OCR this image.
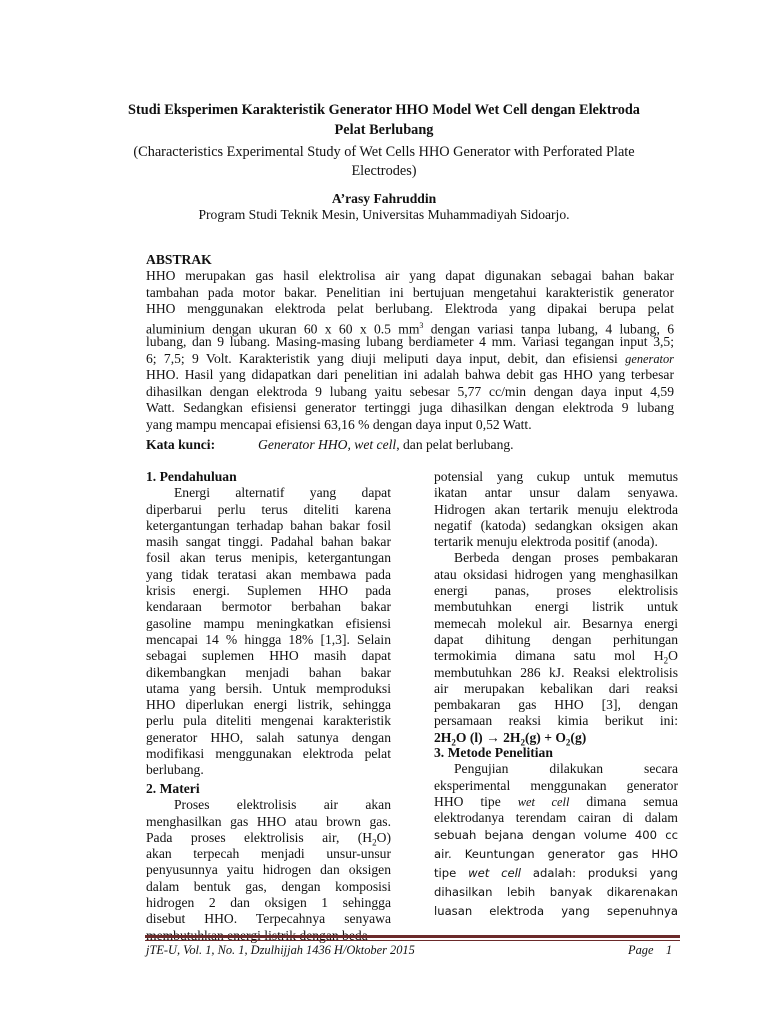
Studi Eksperimen Karakteristik Generator HHO Model Wet Cell dengan Elektroda Pelat Berlubang
(Characteristics Experimental Study of Wet Cells HHO Generator with Perforated Plate Electrodes)
A’rasy Fahruddin
Program Studi Teknik Mesin, Universitas Muhammadiyah Sidoarjo.
ABSTRAK
HHO merupakan gas hasil elektrolisa air yang dapat digunakan sebagai bahan bakar
tambahan pada motor bakar. Penelitian ini bertujuan mengetahui karakteristik generator
HHO menggunakan elektroda pelat berlubang. Elektroda yang dipakai berupa pelat
aluminium dengan ukuran 60 x 60 x 0.5 $mm^3$ dengan variasi tanpa lubang, 4 lubang, 6
lubang, dan 9 lubang. Masing-masing lubang berdiameter 4 mm. Variasi tegangan input 3,5;
6; 7,5; 9 Volt. Karakteristik yang diuji meliputi daya input, debit, dan efisiensi generator
HHO. Hasil yang didapatkan dari penelitian ini adalah bahwa debit gas HHO yang terbesar
dihasilkan dengan elektroda 9 lubang yaitu sebesar 5,77 cc/min dengan daya input 4,59
Watt. Sedangkan efisiensi generator tertinggi juga dihasilkan dengan elektroda 9 lubang
yang mampu mencapai efisiensi 63,16 % dengan daya input 0,52 Watt.
Kata kunci:	Generator HHO, wet cell, dan pelat berlubang.
1. Pendahuluan
Energi alternatif yang dapat
diperbarui perlu terus diteliti karena
ketergantungan terhadap bahan bakar fosil
masih sangat tinggi. Padahal bahan bakar
fosil akan terus menipis, ketergantungan
yang tidak teratasi akan membawa pada
krisis energi. Suplemen HHO pada
kendaraan bermotor berbahan bakar
gasoline mampu meningkatkan efisiensi
mencapai 14 % hingga 18% [1,3]. Selain
sebagai suplemen HHO masih dapat
dikembangkan menjadi bahan bakar
utama yang bersih. Untuk memproduksi
HHO diperlukan energi listrik, sehingga
perlu pula diteliti mengenai karakteristik
generator HHO, salah satunya dengan
modifikasi menggunakan elektroda pelat
berlubang.
2. Materi
Proses elektrolisis air akan
menghasilkan gas HHO atau brown gas.
Pada proses elektrolisis air, $(H_2O)$
akan terpecah menjadi unsur-unsur
penyusunnya yaitu hidrogen dan oksigen
dalam bentuk gas, dengan komposisi
hidrogen 2 dan oksigen 1 sehingga
disebut HHO. Terpecahnya senyawa
potensial yang cukup untuk memutus
ikatan antar unsur dalam senyawa.
Hidrogen akan tertarik menuju elektroda
negatif (katoda) sedangkan oksigen akan
tertarik menuju elektroda positif (anoda).
Berbeda dengan proses pembakaran
atau oksidasi hidrogen yang menghasilkan
energi panas, proses elektrolisis
membutuhkan energi listrik untuk
memecah molekul air. Besarnya energi
dapat dihitung dengan perhitungan
termokimia dimana satu mol $H_2O$
membutuhkan 286 kJ. Reaksi elektrolisis
air merupakan kebalikan dari reaksi
pembakaran gas HHO [3], dengan
persamaan reaksi kimia berikut ini:
$2H_2O$ $(l) \to 2H_2(g) + O_2(g)$
3. Metode Penelitian
Pengujian dilakukan secara
eksperimental menggunakan generator
HHO tipe wet cell dimana semua
elektrodanya terendam cairan di dalam
sebuah bejana dengan volume 400 cc
air. Keuntungan generator gas HHO
tipe wet cell adalah: produksi yang
dihasilkan lebih banyak dikarenakan
luasan elektroda yang sepenuhnya
jTE-U, Vol. 1, No. 1, Dzulhijjah 1436 H/Oktober 2015	Page 1
